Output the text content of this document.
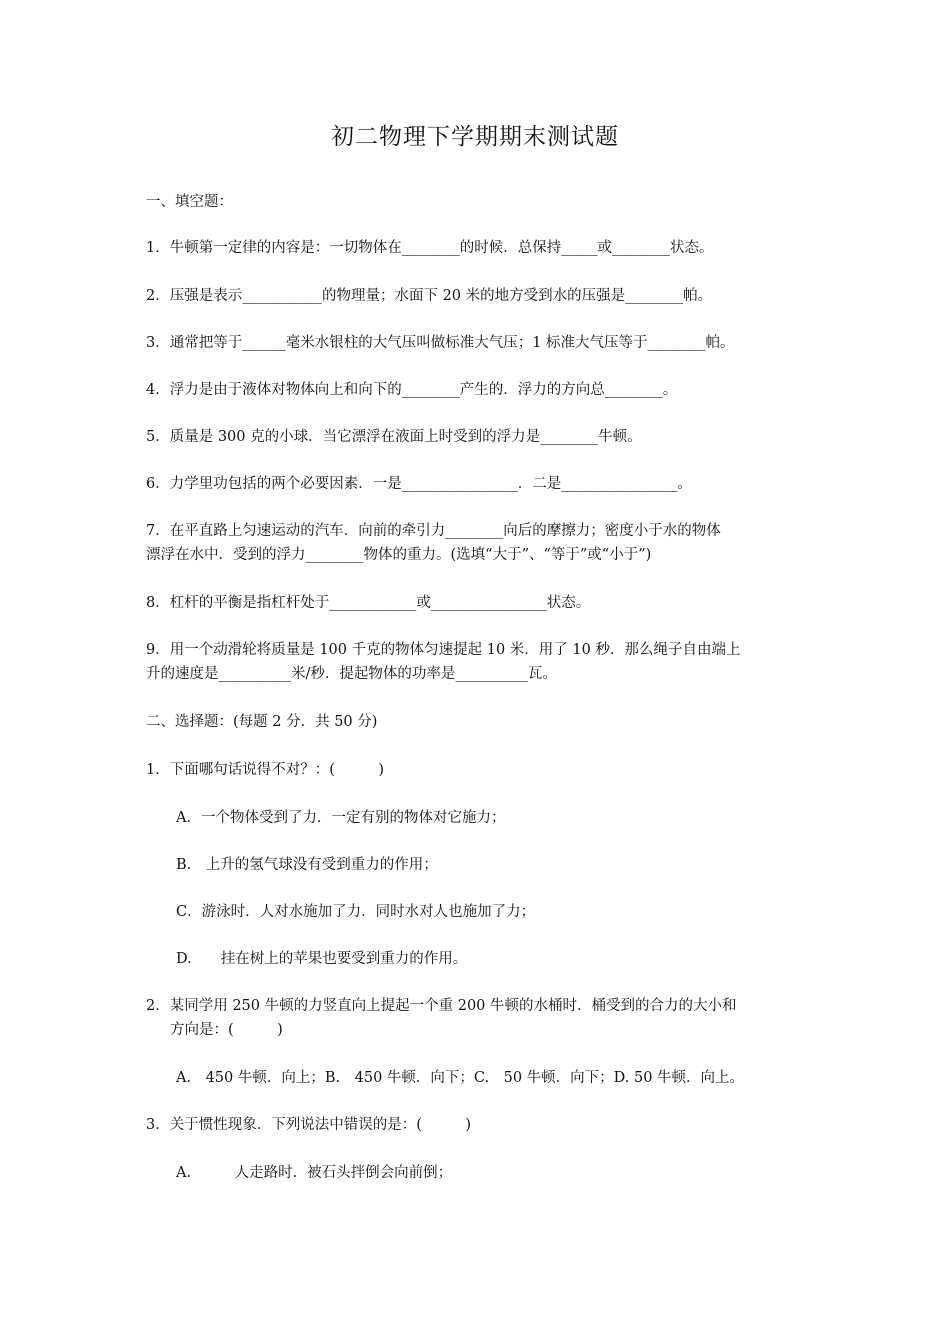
初二物理下学期期末测试题
一、填空题：
1．牛顿第一定律的内容是：一切物体在________的时候．总保持_____或________状态。
2．压强是表示___________的物理量；水面下 20 米的地方受到水的压强是________帕。
3．通常把等于______毫米水银柱的大气压叫做标准大气压；1 标准大气压等于________帕。
4．浮力是由于液体对物体向上和向下的________产生的．浮力的方向总________。
5．质量是 300 克的小球．当它漂浮在液面上时受到的浮力是________牛顿。
6．力学里功包括的两个必要因素．一是________________．二是________________。
7．在平直路上匀速运动的汽车．向前的牵引力________向后的摩擦力；密度小于水的物体
漂浮在水中．受到的浮力________物体的重力。(选填“大于”、“等于”或“小于”)
8．杠杆的平衡是指杠杆处于____________或________________状态。
9．用一个动滑轮将质量是 100 千克的物体匀速提起 10 米．用了 10 秒．那么绳子自由端上
升的速度是__________米/秒．提起物体的功率是__________瓦。
二、选择题：(每题 2 分．共 50 分)
1．下面哪句话说得不对？：(　　　)
A．一个物体受到了力．一定有别的物体对它施力；
B.　上升的氢气球没有受到重力的作用；
C．游泳时．人对水施加了力．同时水对人也施加了力；
D.　　挂在树上的苹果也要受到重力的作用。
2．某同学用 250 牛顿的力竖直向上提起一个重 200 牛顿的水桶时．桶受到的合力的大小和
方向是：(　　　)
A.　450 牛顿．向上；B.　450 牛顿．向下；C.　50 牛顿．向下；D. 50 牛顿．向上。
3．关于惯性现象．下列说法中错误的是：(　　　)
A.　　　人走路时．被石头拌倒会向前倒；
